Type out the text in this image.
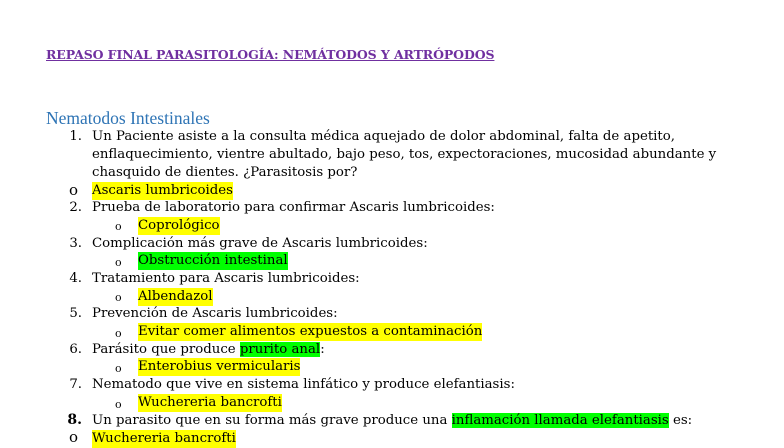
REPASO FINAL PARASITOLOGÍA: NEMÁTODOS Y ARTRÓPODOS
Nematodos Intestinales
1. Un Paciente asiste a la consulta médica aquejado de dolor abdominal, falta de apetito,
enflaquecimiento, vientre abultado, bajo peso, tos, expectoraciones, mucosidad abundante y
chasquido de dientes. ¿Parasitosis por?
o Ascaris lumbricoides
2. Prueba de laboratorio para confirmar Ascaris lumbricoides:
o Coprológico
3. Complicación más grave de Ascaris lumbricoides:
o Obstrucción intestinal
4. Tratamiento para Ascaris lumbricoides:
o Albendazol
5. Prevención de Ascaris lumbricoides:
o Evitar comer alimentos expuestos a contaminación
6. Parásito que produce prurito anal:
o Enterobius vermicularis
7. Nematodo que vive en sistema linfático y produce elefantiasis:
o Wuchereria bancrofti
8. Un parasito que en su forma más grave produce una inflamación llamada elefantiasis es:
o Wuchereria bancrofti
